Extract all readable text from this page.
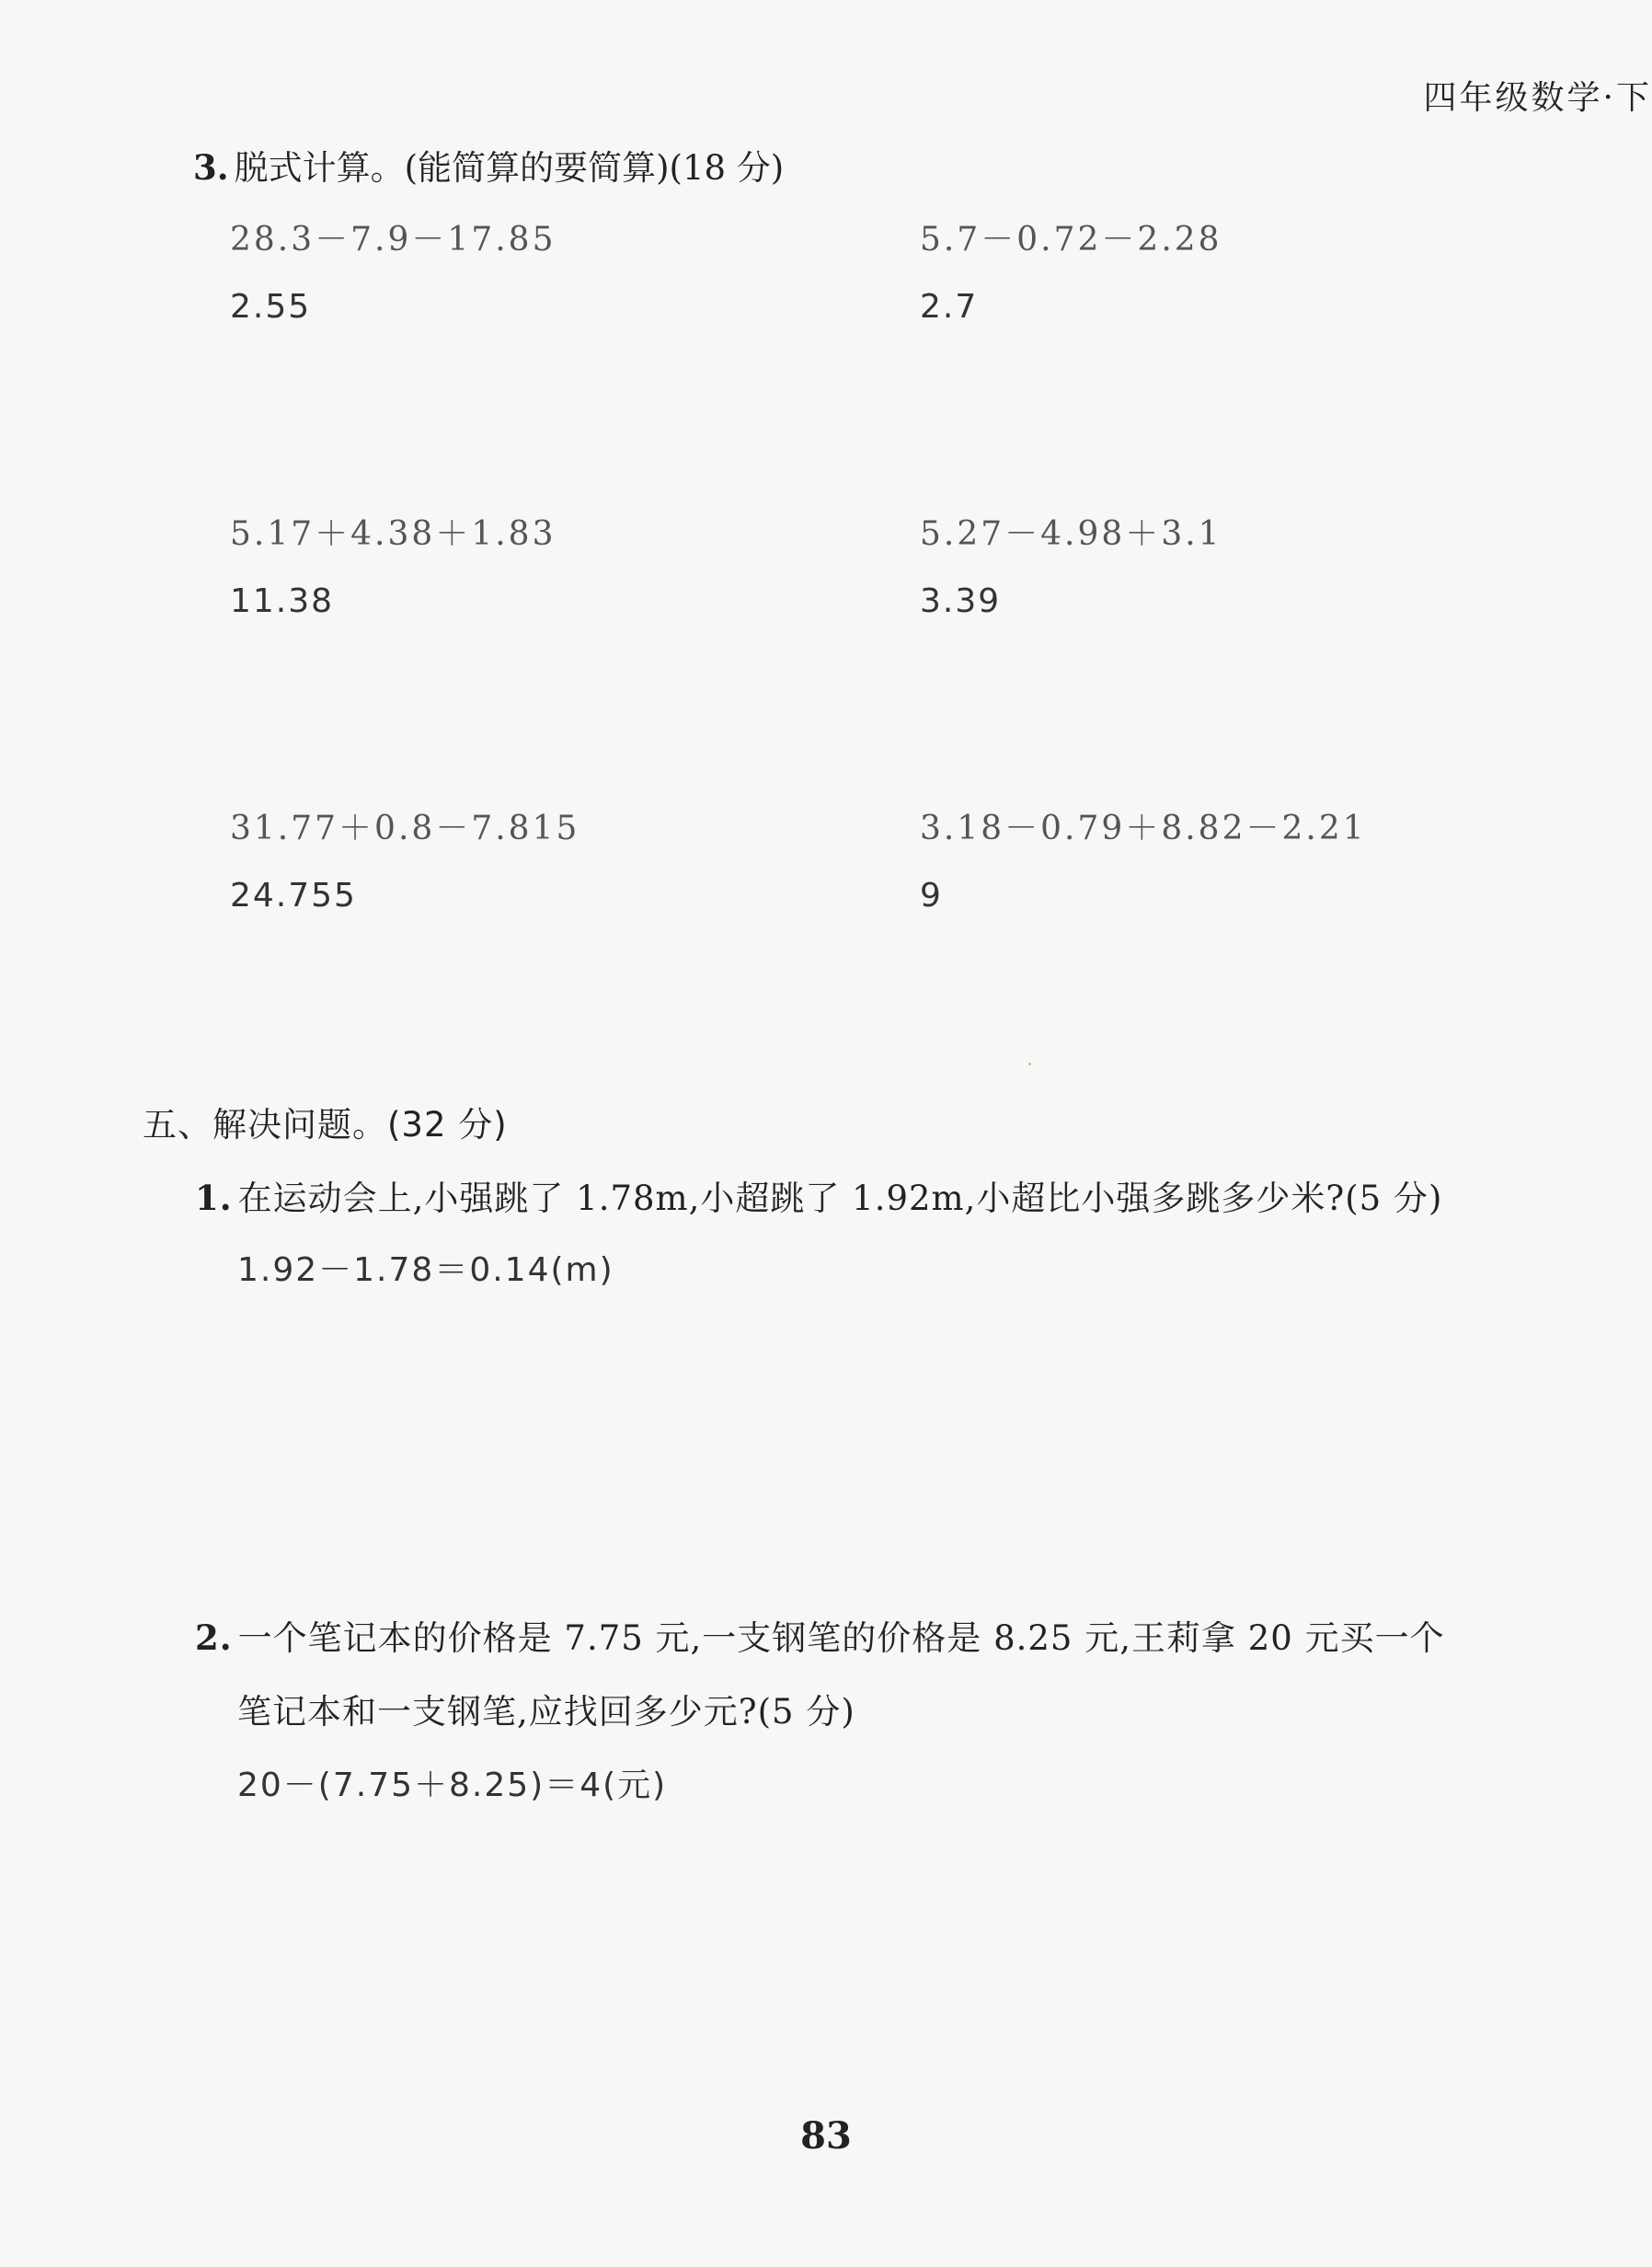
四年级数学·下
3. 脱式计算。(能简算的要简算)(18 分)
28.3－7.9－17.85
2.55
5.7－0.72－2.28
2.7
5.17＋4.38＋1.83
11.38
5.27－4.98＋3.1
3.39
31.77＋0.8－7.815
24.755
3.18－0.79＋8.82－2.21
9
五、解决问题。(32 分)
1. 在运动会上,小强跳了 1.78m,小超跳了 1.92m,小超比小强多跳多少米?(5 分)
1.92－1.78＝0.14(m)
2. 一个笔记本的价格是 7.75 元,一支钢笔的价格是 8.25 元,王莉拿 20 元买一个
笔记本和一支钢笔,应找回多少元?(5 分)
20－(7.75＋8.25)＝4(元)
83
